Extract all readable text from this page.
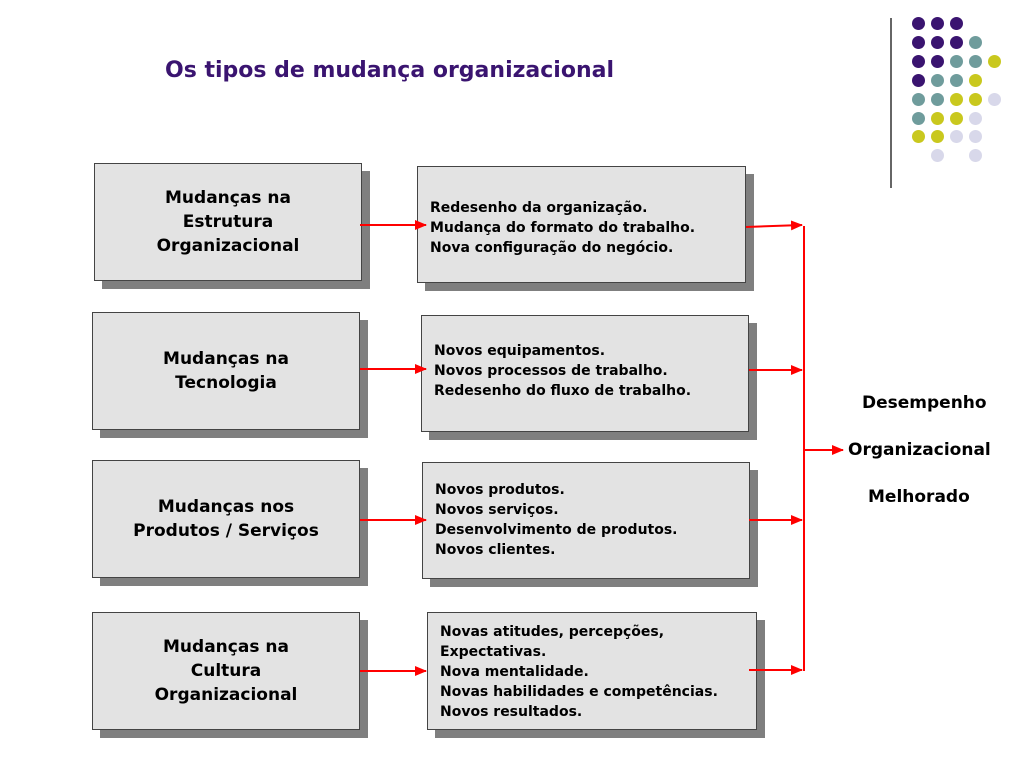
Os tipos de mudança organizacional
Mudanças na
Estrutura
Organizacional
Redesenho da organização.
Mudança do formato do trabalho.
Nova configuração do negócio.
Mudanças na
Tecnologia
Novos equipamentos.
Novos processos de trabalho.
Redesenho do fluxo de trabalho.
Mudanças nos
Produtos / Serviços
Novos produtos.
Novos serviços.
Desenvolvimento de produtos.
Novos clientes.
Mudanças na
Cultura
Organizacional
Novas atitudes, percepções,
Expectativas.
Nova mentalidade.
Novas habilidades e competências.
Novos resultados.
Desempenho
Organizacional
Melhorado
